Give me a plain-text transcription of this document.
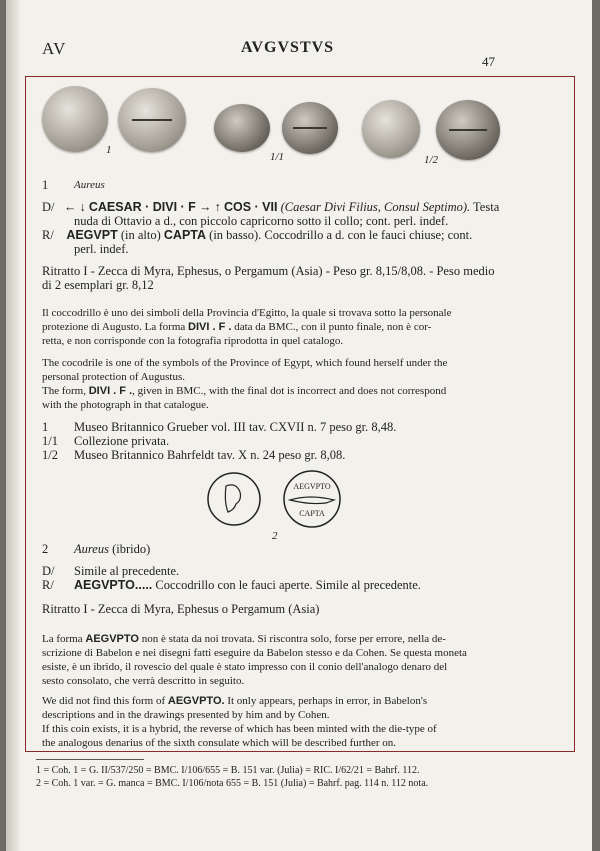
AV	AVGVSTVS
47
1
1/1	1/2
1 Aureus
D/   ← ↓ CAESAR · DIVI · F → ↑ COS · VII (Caesar Divi Filius, Consul Septimo). Testa
nuda di Ottavio a d., con piccolo capricorno sotto il collo; cont. perl. indef.
R/ AEGVPT (in alto) CAPTA (in basso). Coccodrillo a d. con le fauci chiuse; cont.
perl. indef.
Ritratto I - Zecca di Myra, Ephesus, o Pergamum (Asia) - Peso gr. 8,15/8,08. - Peso medio
di 2 esemplari gr. 8,12
Il coccodrillo è uno dei simboli della Provincia d'Egitto, la quale si trovava sotto la personale
protezione di Augusto. La forma DIVI . F . data da BMC., con il punto finale, non è cor-
retta, e non corrisponde con la fotografia riprodotta in quel catalogo.
The cocodrile is one of the symbols of the Province of Egypt, which found herself under the
personal protection of Augustus.
The form, DIVI . F ., given in BMC., with the final dot is incorrect and does not correspond
with the photograph in that catalogue.
1 Museo Britannico Grueber vol. III tav. CXVII n. 7 peso gr. 8,48.
1/1 Collezione privata.
1/2 Museo Britannico Bahrfeldt tav. X n. 24 peso gr. 8,08.
AEGVPTO
CAPTA
2
2 Aureus (ibrido)
D/ Simile al precedente.
R/ AEGVPTO..... Coccodrillo con le fauci aperte. Simile al precedente.
Ritratto I - Zecca di Myra, Ephesus o Pergamum (Asia)
La forma AEGVPTO non è stata da noi trovata. Si riscontra solo, forse per errore, nella de-
scrizione di Babelon e nei disegni fatti eseguire da Babelon stesso e da Cohen. Se questa moneta
esiste, è un ibrido, il rovescio del quale è stato impresso con il conio dell'analogo denaro del
sesto consolato, che verrà descritto in seguito.
We did not find this form of AEGVPTO. It only appears, perhaps in error, in Babelon's
descriptions and in the drawings presented by him and by Cohen.
If this coin exists, it is a hybrid, the reverse of which has been minted with the die-type of
the analogous denarius of the sixth consulate which will be described further on.
1 = Coh. 1 = G. II/537/250 = BMC. I/106/655 = B. 151 var. (Julia) = RIC. I/62/21 = Bahrf. 112.
2 = Coh. 1 var. = G. manca = BMC. I/106/nota 655 = B. 151 (Julia) = Bahrf. pag. 114 n. 112 nota.
